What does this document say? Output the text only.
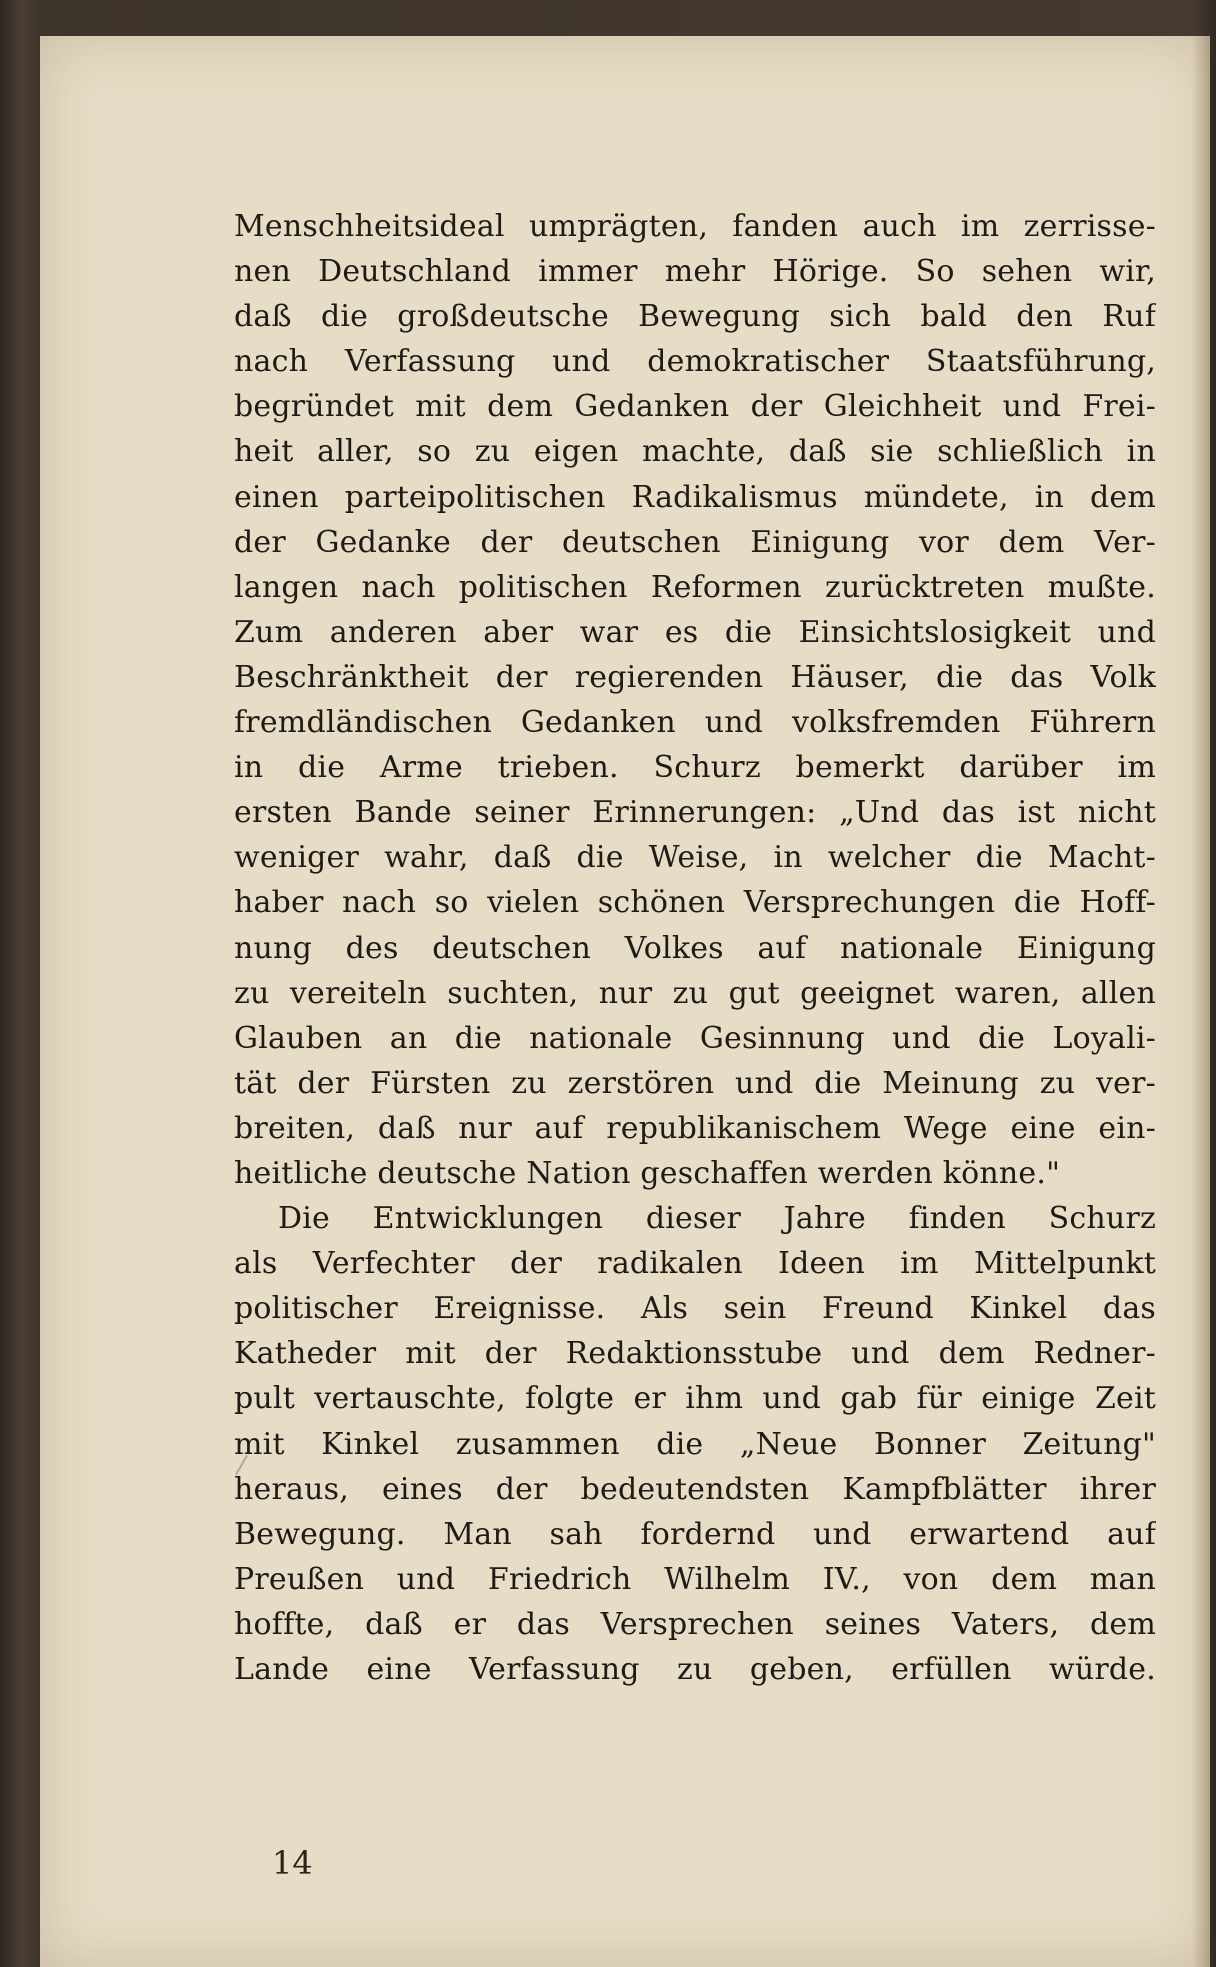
Menschheitsideal umprägten, fanden auch im zerrisse-
nen Deutschland immer mehr Hörige. So sehen wir,
daß die großdeutsche Bewegung sich bald den Ruf
nach Verfassung und demokratischer Staatsführung,
begründet mit dem Gedanken der Gleichheit und Frei-
heit aller, so zu eigen machte, daß sie schließlich in
einen parteipolitischen Radikalismus mündete, in dem
der Gedanke der deutschen Einigung vor dem Ver-
langen nach politischen Reformen zurücktreten mußte.
Zum anderen aber war es die Einsichtslosigkeit und
Beschränktheit der regierenden Häuser, die das Volk
fremdländischen Gedanken und volksfremden Führern
in die Arme trieben. Schurz bemerkt darüber im
ersten Bande seiner Erinnerungen: „Und das ist nicht
weniger wahr, daß die Weise, in welcher die Macht-
haber nach so vielen schönen Versprechungen die Hoff-
nung des deutschen Volkes auf nationale Einigung
zu vereiteln suchten, nur zu gut geeignet waren, allen
Glauben an die nationale Gesinnung und die Loyali-
tät der Fürsten zu zerstören und die Meinung zu ver-
breiten, daß nur auf republikanischem Wege eine ein-
heitliche deutsche Nation geschaffen werden könne."
Die Entwicklungen dieser Jahre finden Schurz
als Verfechter der radikalen Ideen im Mittelpunkt
politischer Ereignisse. Als sein Freund Kinkel das
Katheder mit der Redaktionsstube und dem Redner-
pult vertauschte, folgte er ihm und gab für einige Zeit
mit Kinkel zusammen die „Neue Bonner Zeitung"
heraus, eines der bedeutendsten Kampfblätter ihrer
Bewegung. Man sah fordernd und erwartend auf
Preußen und Friedrich Wilhelm IV., von dem man
hoffte, daß er das Versprechen seines Vaters, dem
Lande eine Verfassung zu geben, erfüllen würde.
14
